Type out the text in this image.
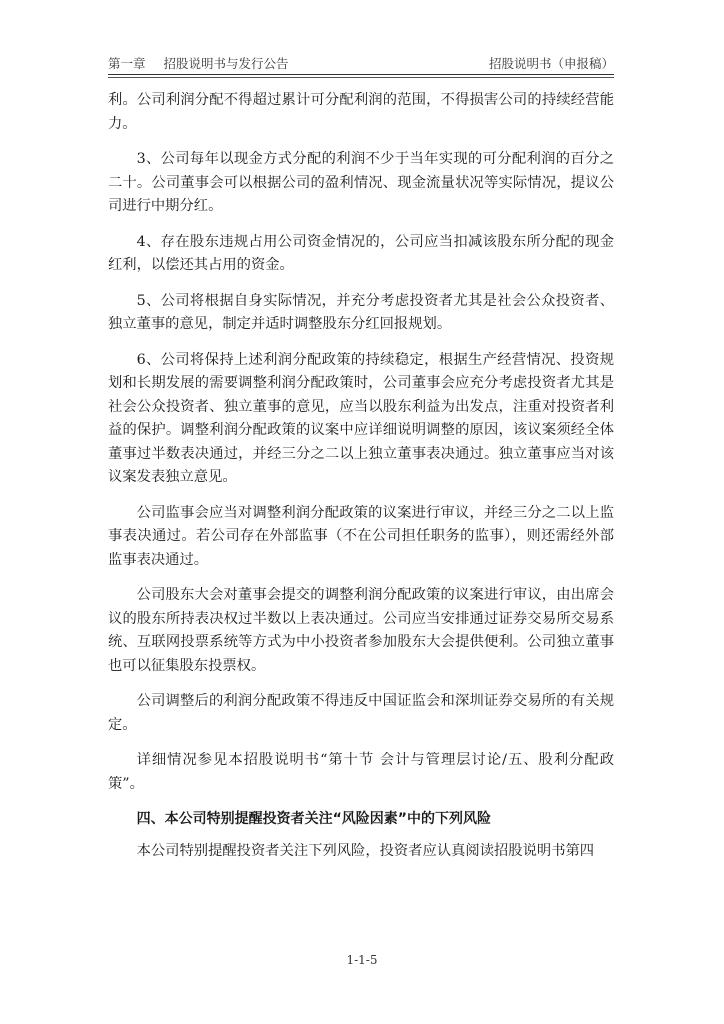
第一章 招股说明书与发行公告	招股说明书（申报稿）

利。公司利润分配不得超过累计可分配利润的范围，不得损害公司的持续经营能力。

3、公司每年以现金方式分配的利润不少于当年实现的可分配利润的百分之二十。公司董事会可以根据公司的盈利情况、现金流量状况等实际情况，提议公司进行中期分红。

4、存在股东违规占用公司资金情况的，公司应当扣减该股东所分配的现金红利，以偿还其占用的资金。

5、公司将根据自身实际情况，并充分考虑投资者尤其是社会公众投资者、独立董事的意见，制定并适时调整股东分红回报规划。

6、公司将保持上述利润分配政策的持续稳定，根据生产经营情况、投资规划和长期发展的需要调整利润分配政策时，公司董事会应充分考虑投资者尤其是社会公众投资者、独立董事的意见，应当以股东利益为出发点，注重对投资者利益的保护。调整利润分配政策的议案中应详细说明调整的原因，该议案须经全体董事过半数表决通过，并经三分之二以上独立董事表决通过。独立董事应当对该议案发表独立意见。

公司监事会应当对调整利润分配政策的议案进行审议，并经三分之二以上监事表决通过。若公司存在外部监事（不在公司担任职务的监事），则还需经外部监事表决通过。

公司股东大会对董事会提交的调整利润分配政策的议案进行审议，由出席会议的股东所持表决权过半数以上表决通过。公司应当安排通过证券交易所交易系统、互联网投票系统等方式为中小投资者参加股东大会提供便利。公司独立董事也可以征集股东投票权。

公司调整后的利润分配政策不得违反中国证监会和深圳证券交易所的有关规定。

详细情况参见本招股说明书“第十节 会计与管理层讨论/五、股利分配政策”。

四、本公司特别提醒投资者关注“风险因素”中的下列风险

本公司特别提醒投资者关注下列风险，投资者应认真阅读招股说明书第四

1-1-5
